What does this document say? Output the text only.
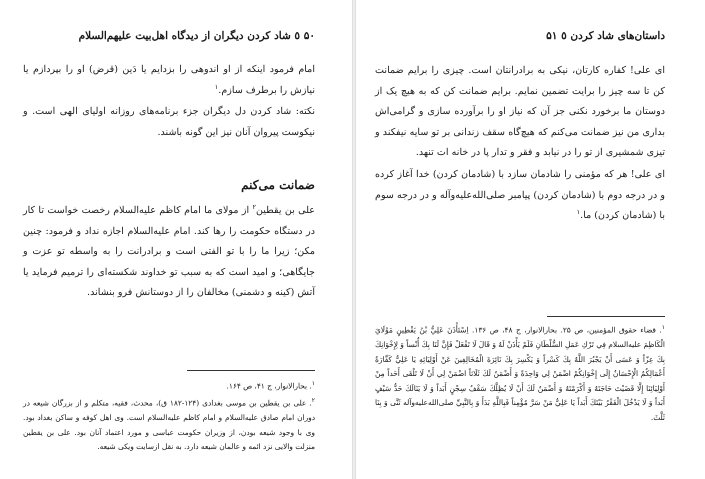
۵۰ ٥ شاد کردن دیگران از دیدگاه اهل‌بیت علیهم‌السلام

امام فرمود اینکه از او اندوهی را بزدایم یا دَین (قرض) او را بپردازم یا نیازش را برطرف سازم.$^۱$

نکته: شاد کردن دل دیگران جزء برنامه‌های روزانه اولیای الهی است. و نیکوست پیروان آنان نیز این گونه باشند.

ضمانت می‌کنم

علی بن یقطین$^۲$ از مولای ما امام کاظم علیه‌السلام رخصت خواست تا کار در دستگاه حکومت را رها کند. امام علیه‌السلام اجازه نداد و فرمود: چنین مکن؛ زیرا ما را با تو الفتی است و برادرانت را به واسطه تو عزت و جایگاهی؛ و امید است که به سبب تو خداوند شکسته‌ای را ترمیم فرماید یا آتش (کینه و دشمنی) مخالفان را از دوستانش فرو بنشاند.

$^۱$. بحارالانوار، ج ۴۱، ص ۱۶۴.

$^۲$. علی بن یقطین بن موسی بغدادی (۱۲۴-۱۸۲ ق)، محدث، فقیه، متکلم و از بزرگان شیعه در دوران امام صادق علیه‌السلام و امام کاظم علیه‌السلام است. وی اهل کوفه و ساکن بغداد بود. وی با وجود شیعه بودن، از وزیران حکومت عباسی و مورد اعتماد آنان بود. علی بن یقطین منزلت والایی نزد ائمه و عالمان شیعه دارد. به نقل ازسایت ویکی شیعه.

داستان‌های شاد کردن ٥ ۵۱

ای علی! کفاره کارتان، نیکی به برادرانتان است. چیزی را برایم ضمانت کن تا سه چیز را برایت تضمین نمایم. برایم ضمانت کن که به هیچ یک از دوستان ما برخورد نکنی جز آن که نیاز او را برآورده سازی و گرامی‌اش بداری من نیز ضمانت می‌کنم که هیچ‌گاه سقف زندانی بر تو سایه نیفکند و تیزی شمشیری از تو را در نیابد و فقر و تدار پا در خانه ات تنهد.

ای علی! هر که مؤمنی را شادمان سازد با (شادمان کردن) خدا آغاز کرده و در درجه دوم با (شادمان کردن) پیامبر صلی‌الله‌علیه‌وآله و در درجه سوم با (شادمان کردن) ما.$^۱$

$^۱$. قضاء حقوق المؤمنین، ص ۲۵. بحارالانوار، ج ۴۸، ص ۱۳۶. اِسْتَأْذَنَ عَلِيُّ بْنُ يَقْطِينٍ مَوْلَايَ الْكَاظِمَ عليه‌السلام فِي تَرْكِ عَمَلِ السُّلْطَانِ فَلَمْ يَأْذَنْ لَهُ وَ قَالَ لَا تَفْعَلْ فَإِنَّ لَنَا بِكَ أُنْساً وَ لِإِخْوَانِكَ بِكَ عِزّاً وَ عَسَى أَنْ يَجْبُرَ اللَّهُ بِكَ كَسْراً وَ يَكْسِرَ بِكَ نَائِرَةَ الْمُخَالِفِينَ عَنْ أَوْلِيَائِهِ يَا عَلِيُّ كَفَّارَةُ أَعْمَالِكُمُ الْإِحْسَانُ إِلَى إِخْوَانِكُمْ اضْمَنْ لِي وَاحِدَةً وَ أَضْمَنُ لَكَ ثَلَاثاً اضْمَنْ لِي أَنْ لَا تَلْقَى أَحَداً مِنْ أَوْلِيَائِنَا إِلَّا قَضَيْتَ حَاجَتَهُ وَ أَكْرَمْتَهُ وَ أَضْمَنُ لَكَ أَنْ لَا يُظِلَّكَ سَقْفُ سِجْنٍ أَبَداً وَ لَا يَنَالَكَ حَدُّ سَيْفٍ أَبَداً وَ لَا يَدْخُلَ الْفَقْرُ بَيْتَكَ أَبَداً يَا عَلِيُّ مَنْ سَرَّ مُؤْمِناً فَبِاللَّهِ بَدَأَ وَ بِالنَّبِيِّ صلی‌الله‌علیه‌وآله ثَنَّى وَ بِنَا ثَلَّثَ.
